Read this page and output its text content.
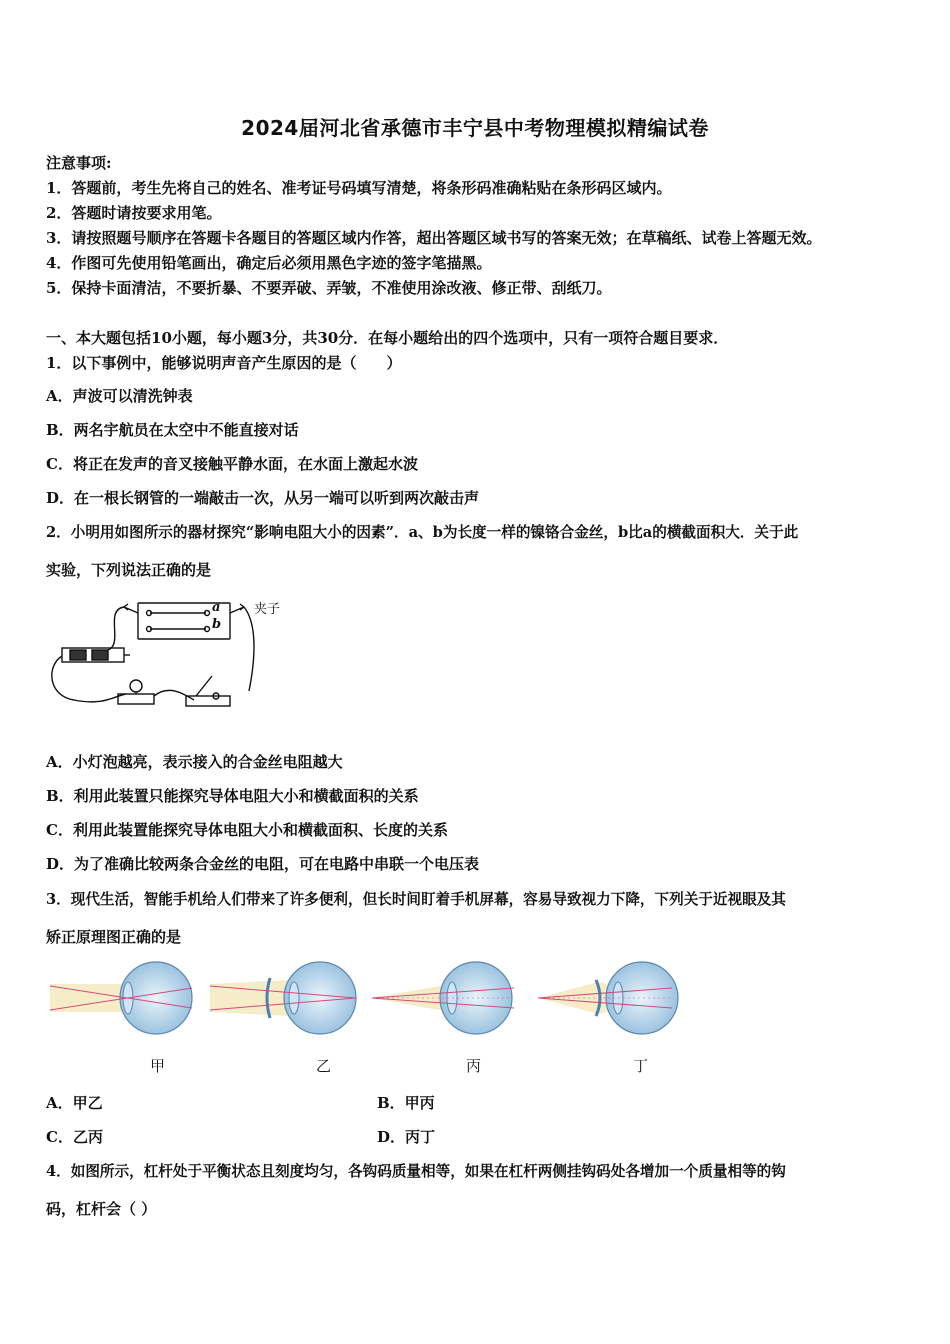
2024届河北省承德市丰宁县中考物理模拟精编试卷
注意事项:
1．答题前，考生先将自己的姓名、准考证号码填写清楚，将条形码准确粘贴在条形码区域内。
2．答题时请按要求用笔。
3．请按照题号顺序在答题卡各题目的答题区域内作答，超出答题区域书写的答案无效；在草稿纸、试卷上答题无效。
4．作图可先使用铅笔画出，确定后必须用黑色字迹的签字笔描黑。
5．保持卡面清洁，不要折暴、不要弄破、弄皱，不准使用涂改液、修正带、刮纸刀。
一、本大题包括10小题，每小题3分，共30分．在每小题给出的四个选项中，只有一项符合题目要求．
1．以下事例中，能够说明声音产生原因的是（　　）
A．声波可以清洗钟表
B．两名宇航员在太空中不能直接对话
C．将正在发声的音叉接触平静水面，在水面上激起水波
D．在一根长钢管的一端敲击一次，从另一端可以听到两次敲击声
2．小明用如图所示的器材探究“影响电阻大小的因素”．a、b为长度一样的镍铬合金丝，b比a的横截面积大．关于此
实验，下列说法正确的是
a
b
夹子
A．小灯泡越亮，表示接入的合金丝电阻越大
B．利用此装置只能探究导体电阻大小和横截面积的关系
C．利用此装置能探究导体电阻大小和横截面积、长度的关系
D．为了准确比较两条合金丝的电阻，可在电路中串联一个电压表
3．现代生活，智能手机给人们带来了许多便利，但长时间盯着手机屏幕，容易导致视力下降，下列关于近视眼及其
矫正原理图正确的是
甲	乙	丙	丁
A．甲乙	B．甲丙
C．乙丙	D．丙丁
4．如图所示，杠杆处于平衡状态且刻度均匀，各钩码质量相等，如果在杠杆两侧挂钩码处各增加一个质量相等的钩
码，杠杆会（ ）
